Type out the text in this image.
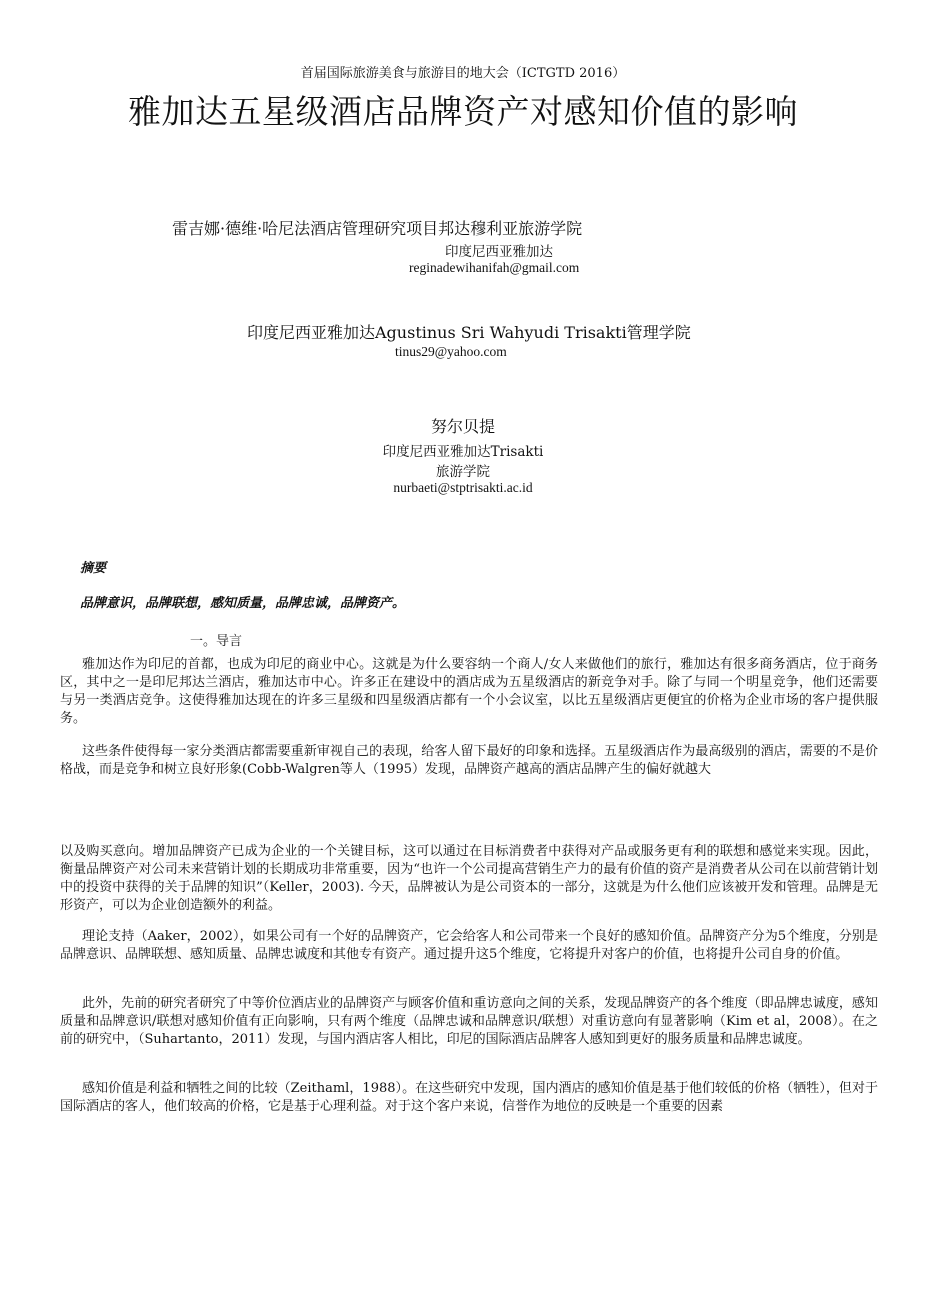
首届国际旅游美食与旅游目的地大会（ICTGTD 2016）

雅加达五星级酒店品牌资产对感知价值的影响

雷吉娜·德维·哈尼法酒店管理研究项目邦达穆利亚旅游学院

印度尼西亚雅加达

reginadewihanifah@gmail.com

印度尼西亚雅加达Agustinus Sri Wahyudi Trisakti管理学院

tinus29@yahoo.com

努尔贝提

印度尼西亚雅加达Trisakti

旅游学院

nurbaeti@stptrisakti.ac.id

摘要

品牌意识，品牌联想，感知质量，品牌忠诚，品牌资产。

一。导言

雅加达作为印尼的首都，也成为印尼的商业中心。这就是为什么要容纳一个商人/女人来做他们的旅行，雅加达有很多商务酒店，位于商务区，其中之一是印尼邦达兰酒店，雅加达市中心。许多正在建设中的酒店成为五星级酒店的新竞争对手。除了与同一个明星竞争，他们还需要与另一类酒店竞争。这使得雅加达现在的许多三星级和四星级酒店都有一个小会议室，以比五星级酒店更便宜的价格为企业市场的客户提供服务。

这些条件使得每一家分类酒店都需要重新审视自己的表现，给客人留下最好的印象和选择。五星级酒店作为最高级别的酒店，需要的不是价格战，而是竞争和树立良好形象(Cobb-Walgren等人（1995）发现，品牌资产越高的酒店品牌产生的偏好就越大

以及购买意向。增加品牌资产已成为企业的一个关键目标，这可以通过在目标消费者中获得对产品或服务更有利的联想和感觉来实现。因此，衡量品牌资产对公司未来营销计划的长期成功非常重要，因为“也许一个公司提高营销生产力的最有价值的资产是消费者从公司在以前营销计划中的投资中获得的关于品牌的知识”（Keller，2003). 今天，品牌被认为是公司资本的一部分，这就是为什么他们应该被开发和管理。品牌是无形资产，可以为企业创造额外的利益。

理论支持（Aaker，2002），如果公司有一个好的品牌资产，它会给客人和公司带来一个良好的感知价值。品牌资产分为5个维度，分别是品牌意识、品牌联想、感知质量、品牌忠诚度和其他专有资产。通过提升这5个维度，它将提升对客户的价值，也将提升公司自身的价值。

此外，先前的研究者研究了中等价位酒店业的品牌资产与顾客价值和重访意向之间的关系，发现品牌资产的各个维度（即品牌忠诚度，感知质量和品牌意识/联想对感知价值有正向影响，只有两个维度（品牌忠诚和品牌意识/联想）对重访意向有显著影响（Kim et al，2008）。在之前的研究中，（Suhartanto，2011）发现，与国内酒店客人相比，印尼的国际酒店品牌客人感知到更好的服务质量和品牌忠诚度。

感知价值是利益和牺牲之间的比较（Zeithaml，1988）。在这些研究中发现，国内酒店的感知价值是基于他们较低的价格（牺牲），但对于国际酒店的客人，他们较高的价格，它是基于心理利益。对于这个客户来说，信誉作为地位的反映是一个重要的因素
